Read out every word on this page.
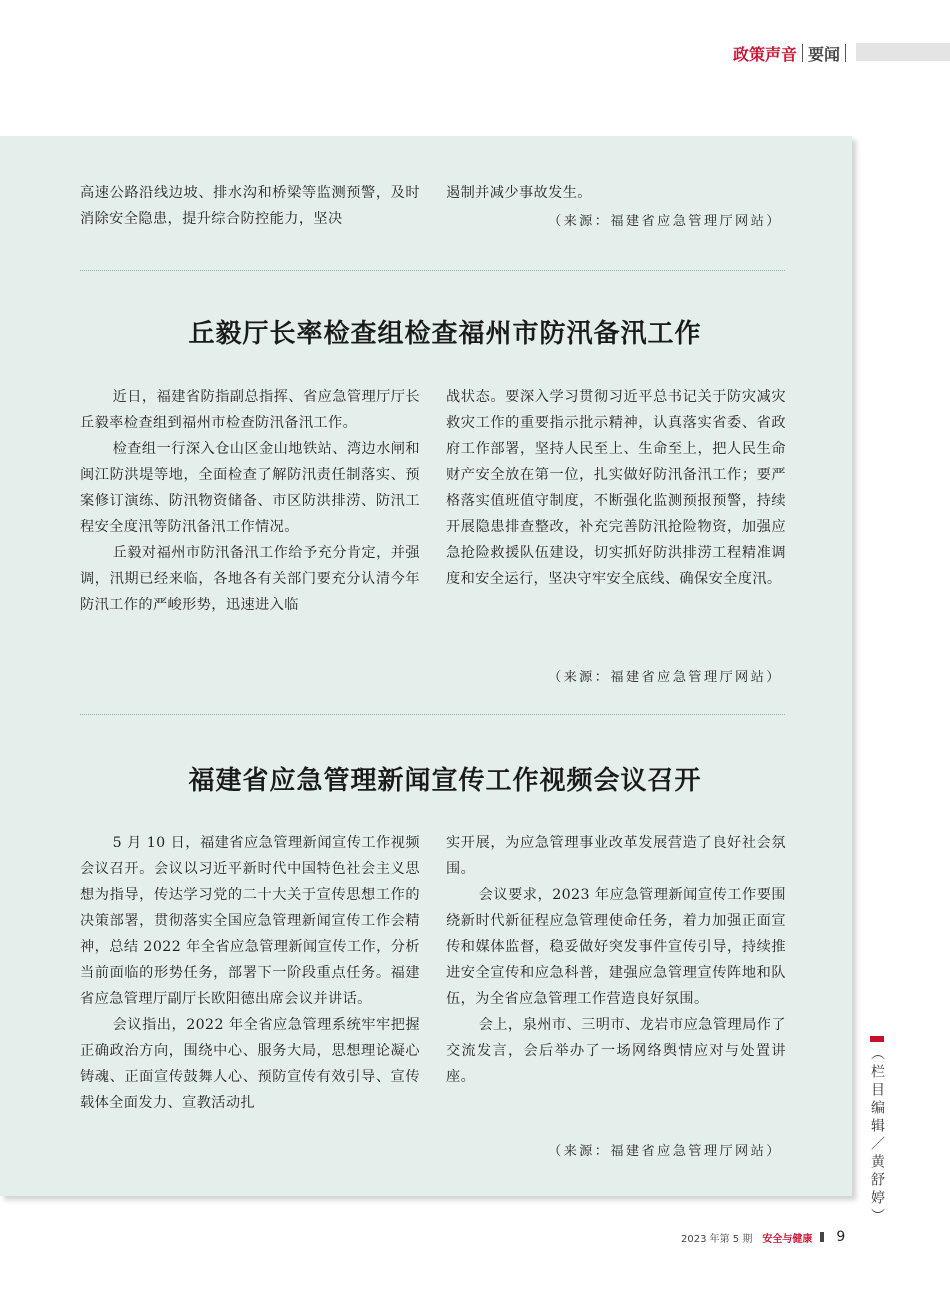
政策声音 要闻

高速公路沿线边坡、排水沟和桥梁等监测预警，及时消除安全隐患，提升综合防控能力，坚决

遏制并减少事故发生。

（来源：福建省应急管理厅网站）
丘毅厅长率检查组检查福州市防汛备汛工作

近日，福建省防指副总指挥、省应急管理厅厅长丘毅率检查组到福州市检查防汛备汛工作。

检查组一行深入仓山区金山地铁站、湾边水闸和闽江防洪堤等地，全面检查了解防汛责任制落实、预案修订演练、防汛物资储备、市区防洪排涝、防汛工程安全度汛等防汛备汛工作情况。

丘毅对福州市防汛备汛工作给予充分肯定，并强调，汛期已经来临，各地各有关部门要充分认清今年防汛工作的严峻形势，迅速进入临

战状态。要深入学习贯彻习近平总书记关于防灾减灾救灾工作的重要指示批示精神，认真落实省委、省政府工作部署，坚持人民至上、生命至上，把人民生命财产安全放在第一位，扎实做好防汛备汛工作；要严格落实值班值守制度，不断强化监测预报预警，持续开展隐患排查整改，补充完善防汛抢险物资，加强应急抢险救援队伍建设，切实抓好防洪排涝工程精准调度和安全运行，坚决守牢安全底线、确保安全度汛。

（来源：福建省应急管理厅网站）
福建省应急管理新闻宣传工作视频会议召开

5 月 10 日，福建省应急管理新闻宣传工作视频会议召开。会议以习近平新时代中国特色社会主义思想为指导，传达学习党的二十大关于宣传思想工作的决策部署，贯彻落实全国应急管理新闻宣传工作会精神，总结 2022 年全省应急管理新闻宣传工作，分析当前面临的形势任务，部署下一阶段重点任务。福建省应急管理厅副厅长欧阳德出席会议并讲话。

会议指出，2022 年全省应急管理系统牢牢把握正确政治方向，围绕中心、服务大局，思想理论凝心铸魂、正面宣传鼓舞人心、预防宣传有效引导、宣传载体全面发力、宣教活动扎

实开展，为应急管理事业改革发展营造了良好社会氛围。

会议要求，2023 年应急管理新闻宣传工作要围绕新时代新征程应急管理使命任务，着力加强正面宣传和媒体监督，稳妥做好突发事件宣传引导，持续推进安全宣传和应急科普，建强应急管理宣传阵地和队伍，为全省应急管理工作营造良好氛围。

会上，泉州市、三明市、龙岩市应急管理局作了交流发言，会后举办了一场网络舆情应对与处置讲座。

（来源：福建省应急管理厅网站）	（栏目编辑／黄舒婷）
2023 年第 5 期 安全与健康 9
